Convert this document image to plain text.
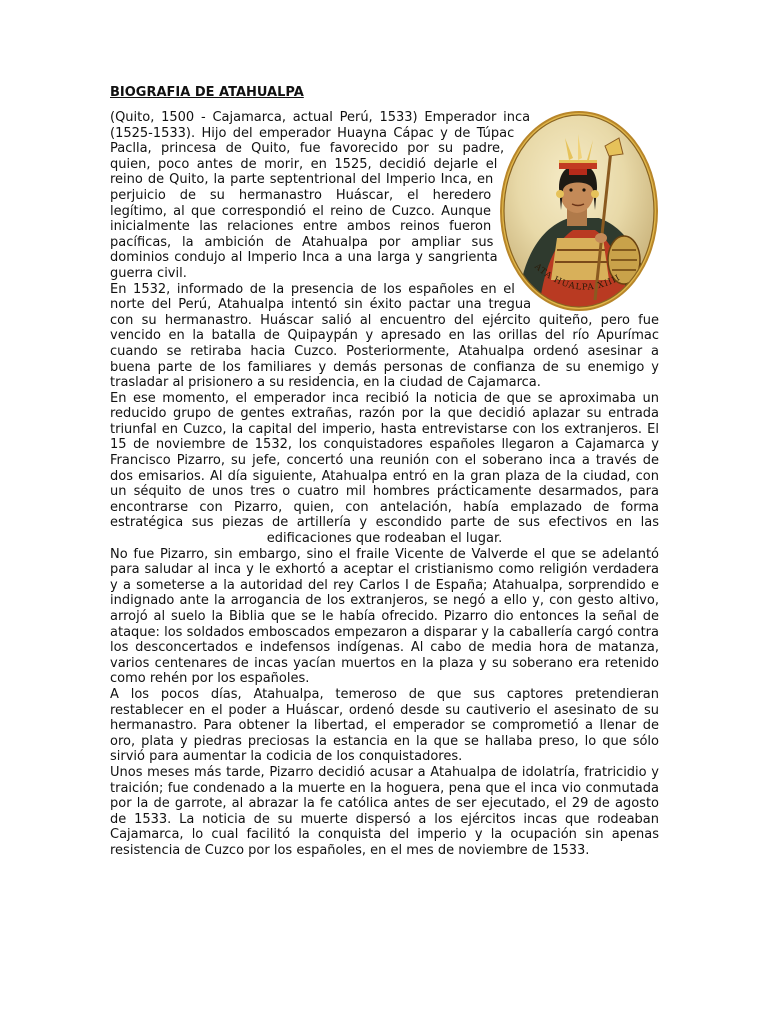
BIOGRAFIA DE ATAHUALPA
ATA HUALPA XIIII

(Quito, 1500 - Cajamarca, actual Perú, 1533) Emperador inca (1525-1533). Hijo del emperador Huayna Cápac y de Túpac Paclla, princesa de Quito, fue favorecido por su padre, quien, poco antes de morir, en 1525, decidió dejarle el reino de Quito, la parte septentrional del Imperio Inca, en perjuicio de su hermanastro Huáscar, el heredero legítimo, al que correspondió el reino de Cuzco. Aunque inicialmente las relaciones entre ambos reinos fueron pacíficas, la ambición de Atahualpa por ampliar sus dominios condujo al Imperio Inca a una larga y sangrienta guerra civil.

En 1532, informado de la presencia de los españoles en el norte del Perú, Atahualpa intentó sin éxito pactar una tregua con su hermanastro. Huáscar salió al encuentro del ejército quiteño, pero fue vencido en la batalla de Quipaypán y apresado en las orillas del río Apurímac cuando se retiraba hacia Cuzco. Posteriormente, Atahualpa ordenó asesinar a buena parte de los familiares y demás personas de confianza de su enemigo y trasladar al prisionero a su residencia, en la ciudad de Cajamarca.

En ese momento, el emperador inca recibió la noticia de que se aproximaba un reducido grupo de gentes extrañas, razón por la que decidió aplazar su entrada triunfal en Cuzco, la capital del imperio, hasta entrevistarse con los extranjeros. El 15 de noviembre de 1532, los conquistadores españoles llegaron a Cajamarca y Francisco Pizarro, su jefe, concertó una reunión con el soberano inca a través de dos emisarios. Al día siguiente, Atahualpa entró en la gran plaza de la ciudad, con un séquito de unos tres o cuatro mil hombres prácticamente desarmados, para encontrarse con Pizarro, quien, con antelación, había emplazado de forma estratégica sus piezas de artillería y escondido parte de sus efectivos en las edificaciones que rodeaban el lugar.

No fue Pizarro, sin embargo, sino el fraile Vicente de Valverde el que se adelantó para saludar al inca y le exhortó a aceptar el cristianismo como religión verdadera y a someterse a la autoridad del rey Carlos I de España; Atahualpa, sorprendido e indignado ante la arrogancia de los extranjeros, se negó a ello y, con gesto altivo, arrojó al suelo la Biblia que se le había ofrecido. Pizarro dio entonces la señal de ataque: los soldados emboscados empezaron a disparar y la caballería cargó contra los desconcertados e indefensos indígenas. Al cabo de media hora de matanza, varios centenares de incas yacían muertos en la plaza y su soberano era retenido como rehén por los españoles.

A los pocos días, Atahualpa, temeroso de que sus captores pretendieran restablecer en el poder a Huáscar, ordenó desde su cautiverio el asesinato de su hermanastro. Para obtener la libertad, el emperador se comprometió a llenar de oro, plata y piedras preciosas la estancia en la que se hallaba preso, lo que sólo sirvió para aumentar la codicia de los conquistadores.

Unos meses más tarde, Pizarro decidió acusar a Atahualpa de idolatría, fratricidio y traición; fue condenado a la muerte en la hoguera, pena que el inca vio conmutada por la de garrote, al abrazar la fe católica antes de ser ejecutado, el 29 de agosto de 1533. La noticia de su muerte dispersó a los ejércitos incas que rodeaban Cajamarca, lo cual facilitó la conquista del imperio y la ocupación sin apenas resistencia de Cuzco por los españoles, en el mes de noviembre de 1533.
